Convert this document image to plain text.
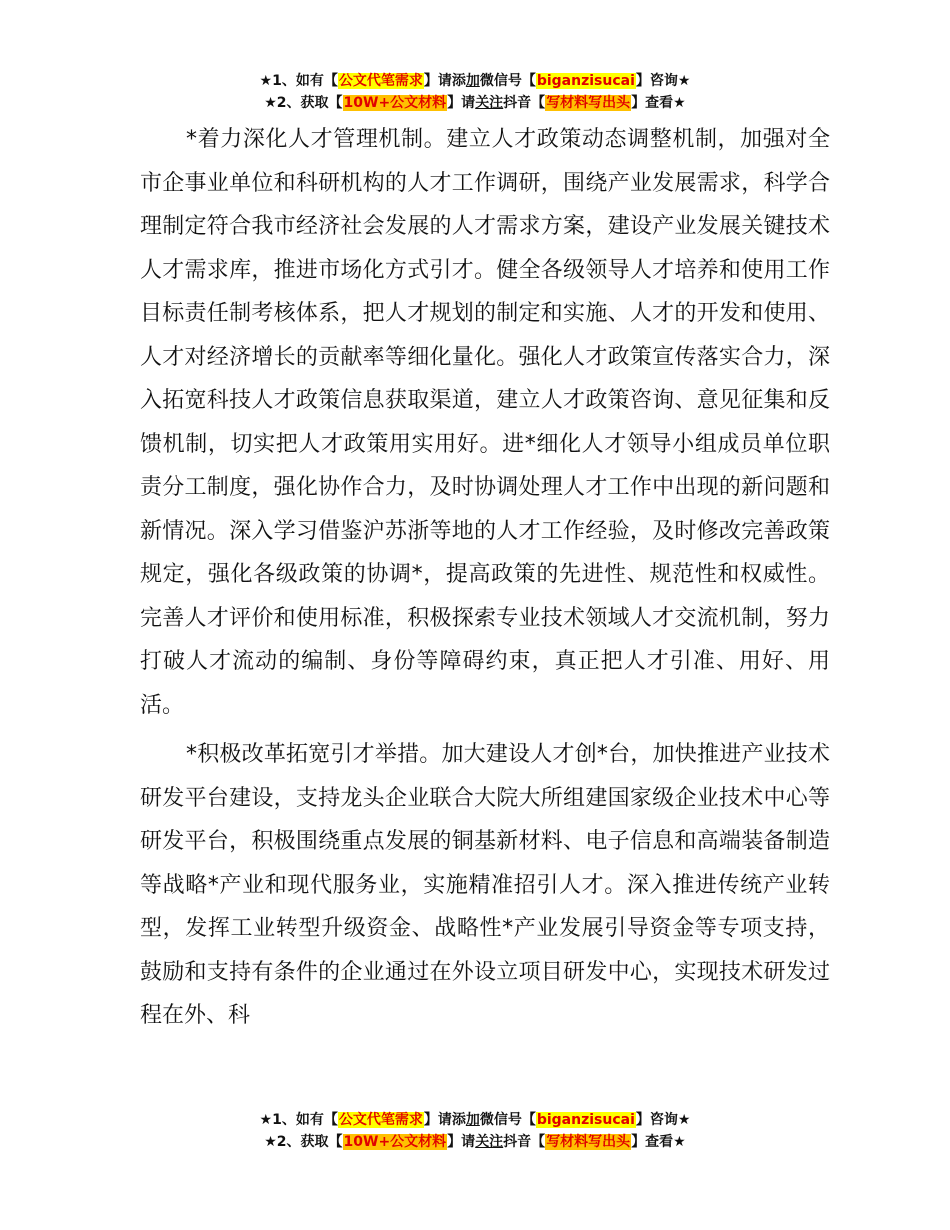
★1、如有【公文代笔需求】请添加微信号【biganzisucai】咨询★
★2、获取【10W+公文材料】请关注抖音【写材料写出头】查看★

*着力深化人才管理机制。建立人才政策动态调整机制，加强对全市企事业单位和科研机构的人才工作调研，围绕产业发展需求，科学合理制定符合我市经济社会发展的人才需求方案，建设产业发展关键技术人才需求库，推进市场化方式引才。健全各级领导人才培养和使用工作目标责任制考核体系，把人才规划的制定和实施、人才的开发和使用、人才对经济增长的贡献率等细化量化。强化人才政策宣传落实合力，深入拓宽科技人才政策信息获取渠道，建立人才政策咨询、意见征集和反馈机制，切实把人才政策用实用好。进*细化人才领导小组成员单位职责分工制度，强化协作合力，及时协调处理人才工作中出现的新问题和新情况。深入学习借鉴沪苏浙等地的人才工作经验，及时修改完善政策规定，强化各级政策的协调*，提高政策的先进性、规范性和权威性。完善人才评价和使用标准，积极探索专业技术领域人才交流机制，努力打破人才流动的编制、身份等障碍约束，真正把人才引准、用好、用活。

*积极改革拓宽引才举措。加大建设人才创*台，加快推进产业技术研发平台建设，支持龙头企业联合大院大所组建国家级企业技术中心等研发平台，积极围绕重点发展的铜基新材料、电子信息和高端装备制造等战略*产业和现代服务业，实施精准招引人才。深入推进传统产业转型，发挥工业转型升级资金、战略性*产业发展引导资金等专项支持，鼓励和支持有条件的企业通过在外设立项目研发中心，实现技术研发过程在外、科

★1、如有【公文代笔需求】请添加微信号【biganzisucai】咨询★
★2、获取【10W+公文材料】请关注抖音【写材料写出头】查看★
